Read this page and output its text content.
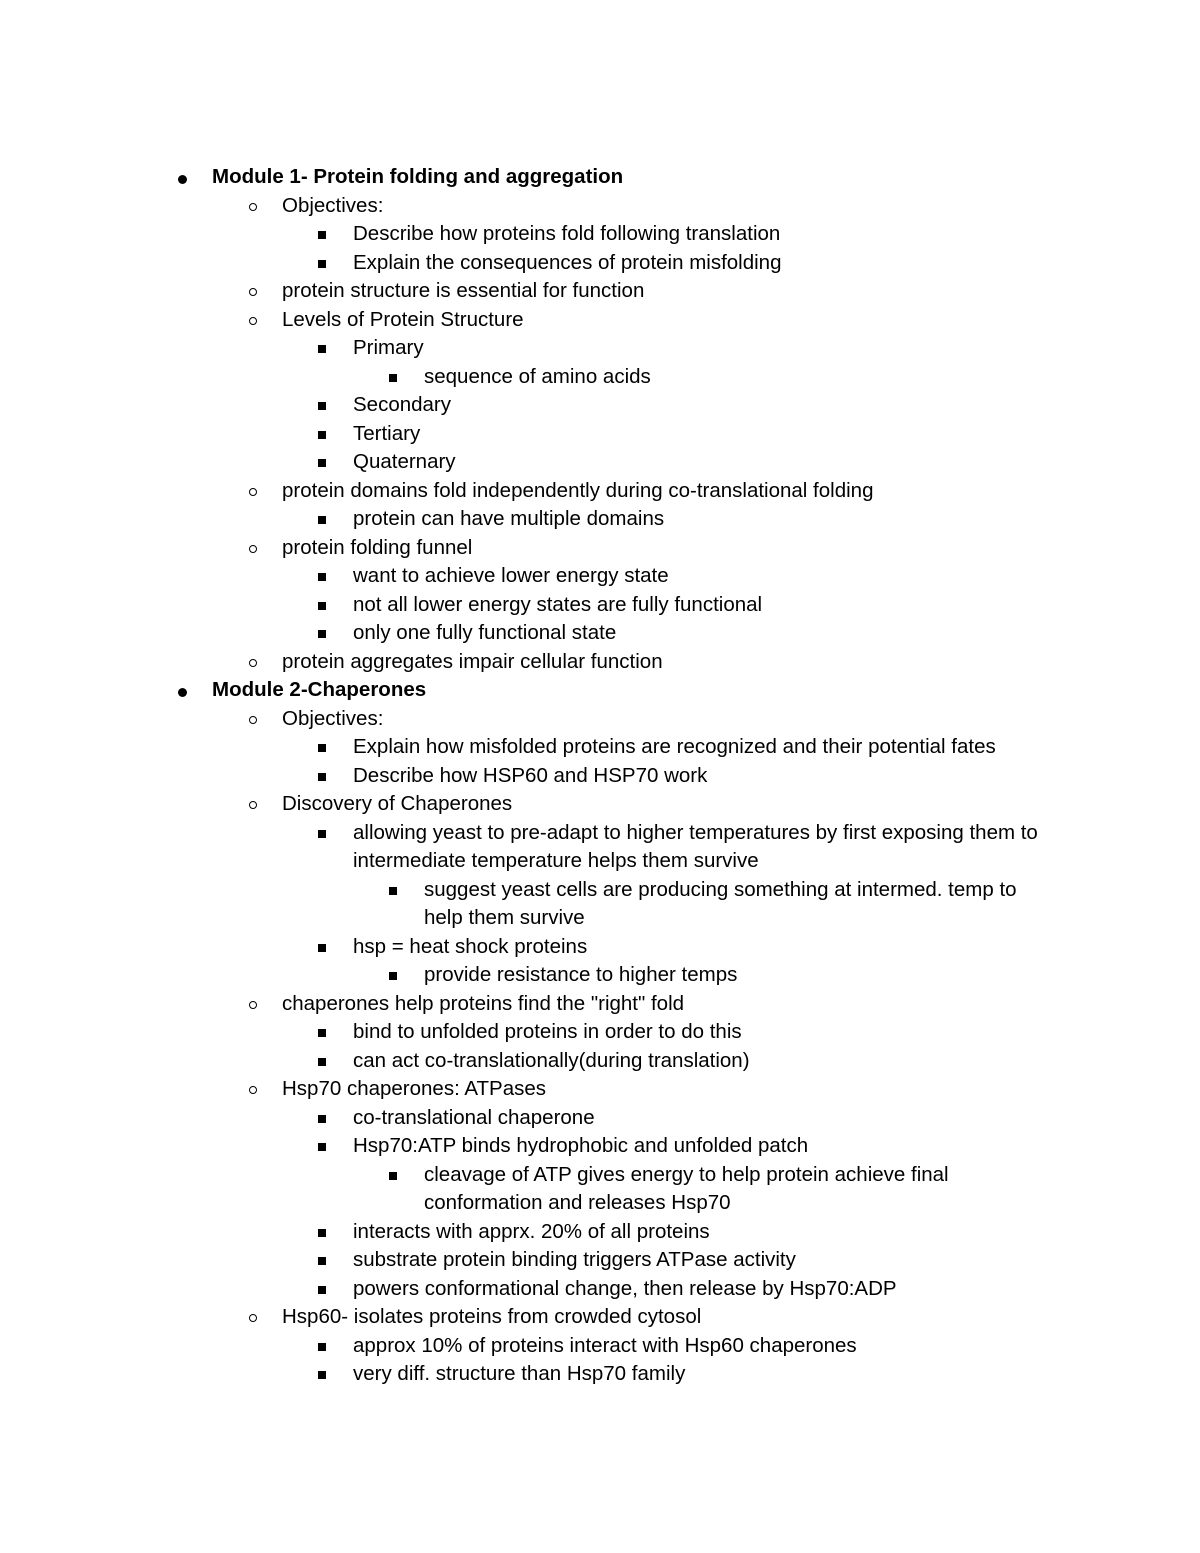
Module 1- Protein folding and aggregation
Objectives:
Describe how proteins fold following translation
Explain the consequences of protein misfolding
protein structure is essential for function
Levels of Protein Structure
Primary
sequence of amino acids
Secondary
Tertiary
Quaternary
protein domains fold independently during co-translational folding
protein can have multiple domains
protein folding funnel
want to achieve lower energy state
not all lower energy states are fully functional
only one fully functional state
protein aggregates impair cellular function
Module 2-Chaperones
Objectives:
Explain how misfolded proteins are recognized and their potential fates
Describe how HSP60 and HSP70 work
Discovery of Chaperones
allowing yeast to pre-adapt to higher temperatures by first exposing them to intermediate temperature helps them survive
suggest yeast cells are producing something at intermed. temp to help them survive
hsp = heat shock proteins
provide resistance to higher temps
chaperones help proteins find the "right" fold
bind to unfolded proteins in order to do this
can act co-translationally(during translation)
Hsp70 chaperones: ATPases
co-translational chaperone
Hsp70:ATP binds hydrophobic and unfolded patch
cleavage of ATP gives energy to help protein achieve final conformation and releases Hsp70
interacts with apprx. 20% of all proteins
substrate protein binding triggers ATPase activity
powers conformational change, then release by Hsp70:ADP
Hsp60- isolates proteins from crowded cytosol
approx 10% of proteins interact with Hsp60 chaperones
very diff. structure than Hsp70 family
